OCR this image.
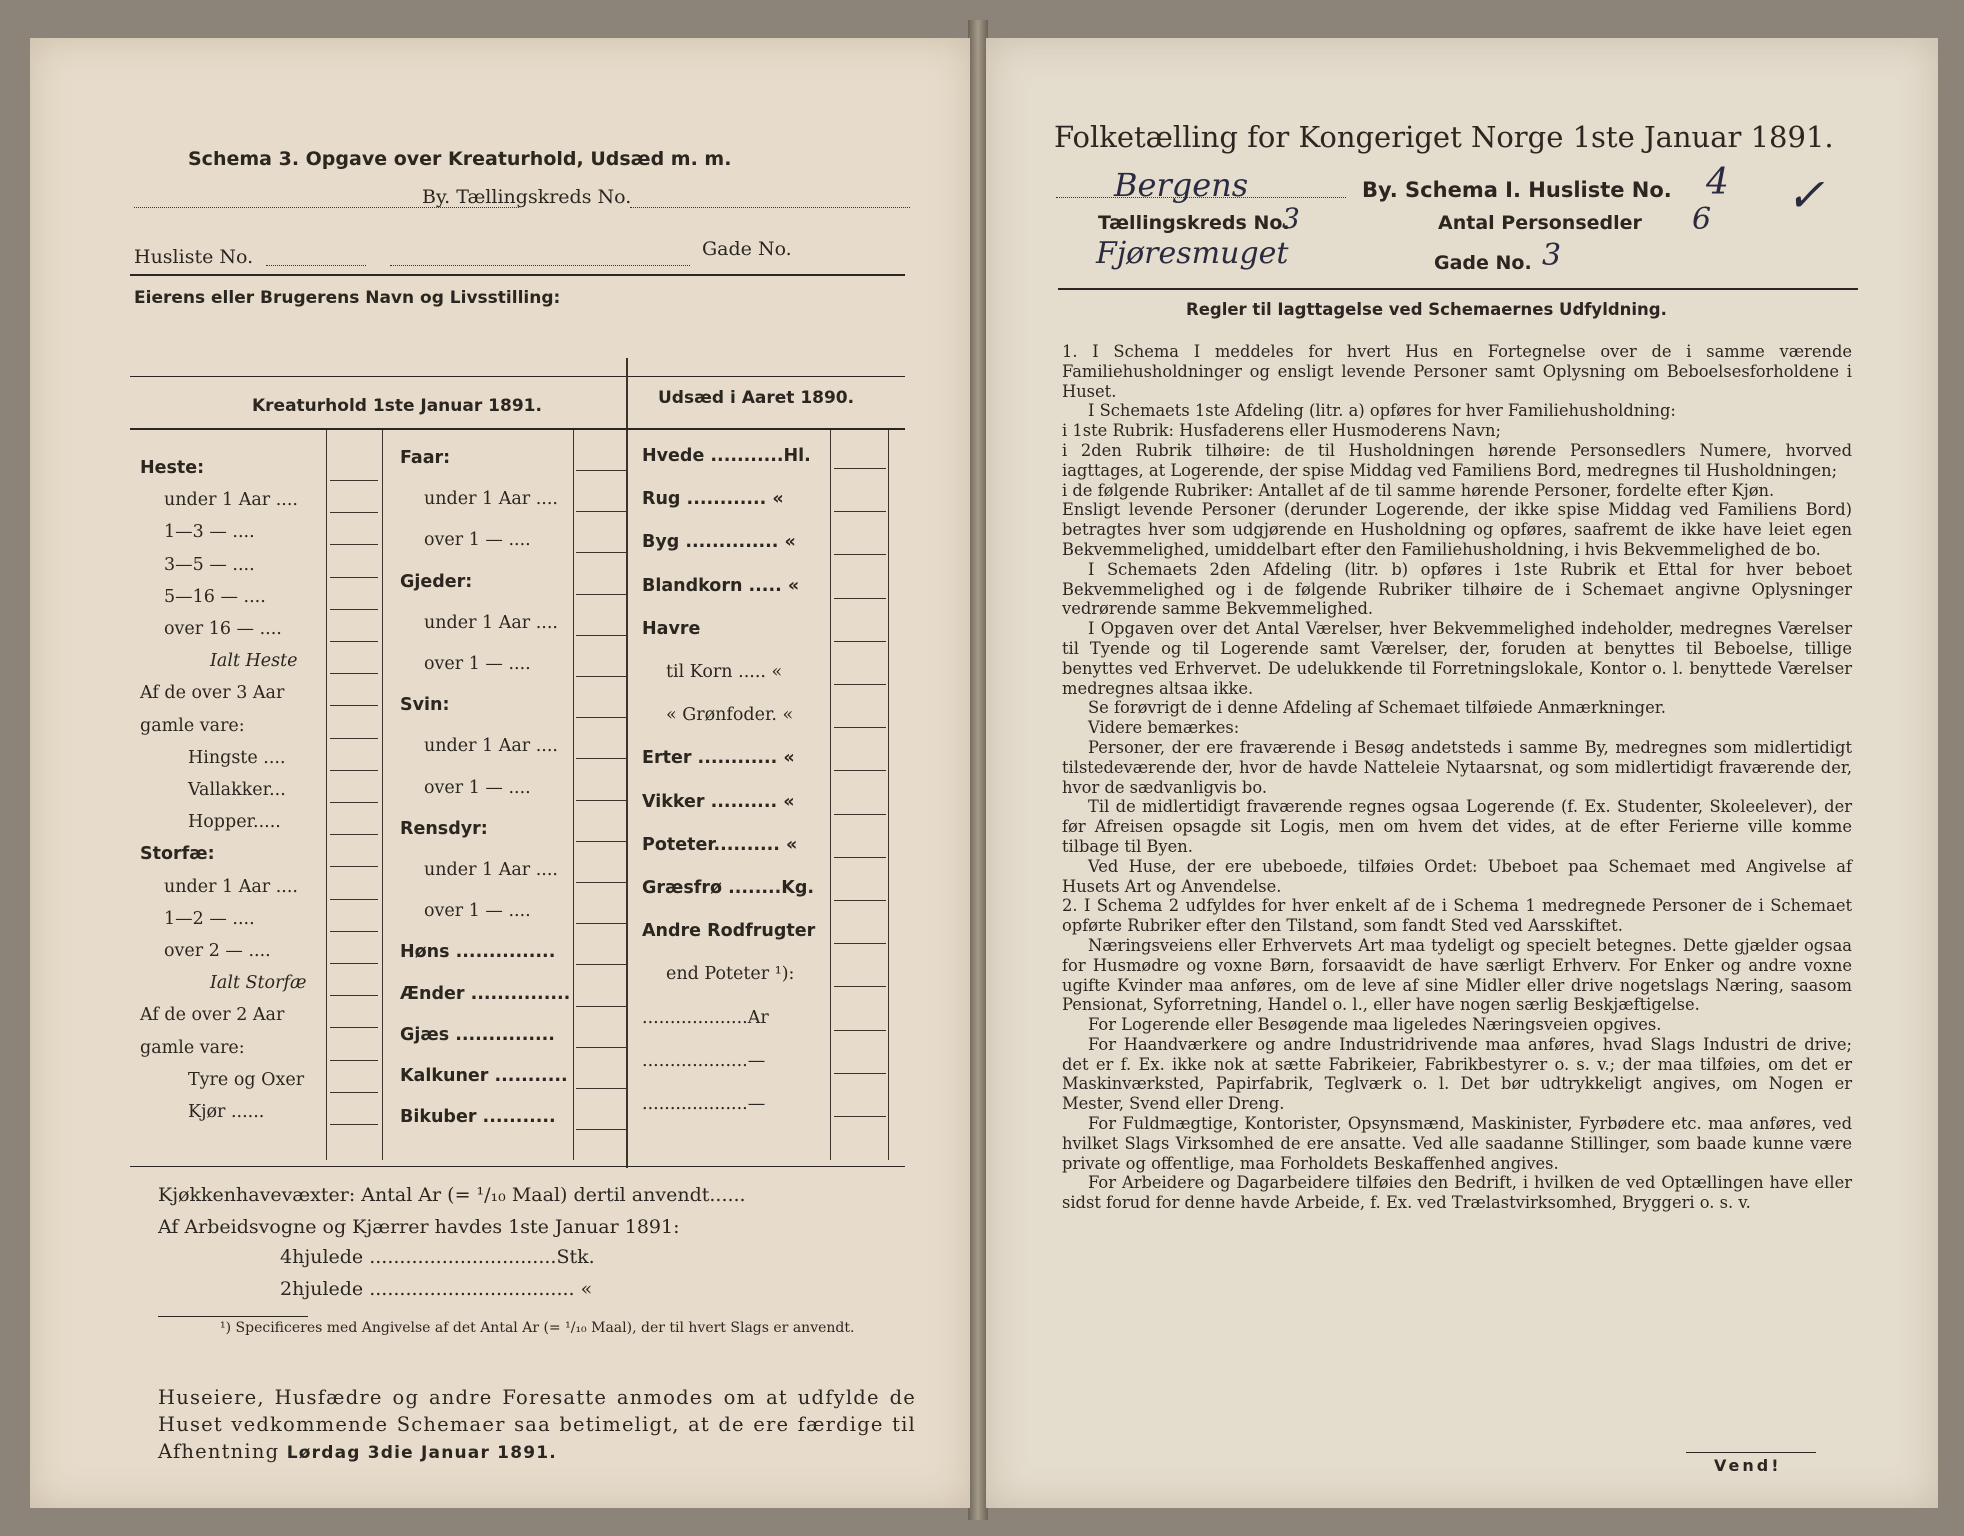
Schema 3. Opgave over Kreaturhold, Udsæd m. m.
By. Tællingskreds No.
Husliste No.	Gade No.
Eierens eller Brugerens Navn og Livsstilling:
Kreaturhold 1ste Januar 1891.	Udsæd i Aaret 1890.
Heste:
under 1 Aar ....
1—3 — ....
3—5 — ....
5—16 — ....
over 16 — ....
Ialt Heste
Af de over 3 Aar
gamle vare:
Hingste ....
Vallakker...
Hopper.....
Storfæ:
under 1 Aar ....
1—2 — ....
over 2 — ....
Ialt Storfæ
Af de over 2 Aar
gamle vare:
Tyre og Oxer
Kjør ......
Faar:
under 1 Aar ....
over 1 — ....
Gjeder:
under 1 Aar ....
over 1 — ....
Svin:
under 1 Aar ....
over 1 — ....
Rensdyr:
under 1 Aar ....
over 1 — ....
Høns ...............
Ænder ...............
Gjæs ...............
Kalkuner ...........
Bikuber ...........
Hvede ...........Hl.
Rug ............ «
Byg .............. «
Blandkorn ..... «
Havre
til Korn ..... «
« Grønfoder. «
Erter ............ «
Vikker .......... «
Poteter.......... «
Græsfrø ........Kg.
Andre Rodfrugter
end Poteter ¹):
...................Ar
...................—
...................—
Kjøkkenhavevæxter: Antal Ar (= ¹/₁₀ Maal) dertil anvendt......
Af Arbeidsvogne og Kjærrer havdes 1ste Januar 1891:
4hjulede ...............................Stk.
2hjulede .................................. «
¹) Specificeres med Angivelse af det Antal Ar (= ¹/₁₀ Maal), der til hvert Slags er anvendt.
Huseiere, Husfædre og andre Foresatte anmodes om at udfylde de Huset vedkommende Schemaer saa betimeligt, at de ere færdige til Afhentning Lørdag 3die Januar 1891.
Folketælling for Kongeriget Norge 1ste Januar 1891.
Bergens	By. Schema I. Husliste No. 4 ✓
Tællingskreds No.
3	Antal Personsedler 6
Fjøresmuget	Gade No. 3
Regler til Iagttagelse ved Schemaernes Udfyldning.

1. I Schema I meddeles for hvert Hus en Fortegnelse over de i samme værende Familiehusholdninger og ensligt levende Personer samt Oplysning om Beboelsesforholdene i Huset.

I Schemaets 1ste Afdeling (litr. a) opføres for hver Familiehusholdning:

i 1ste Rubrik: Husfaderens eller Husmoderens Navn;

i 2den Rubrik tilhøire: de til Husholdningen hørende Personsedlers Numere, hvorved iagttages, at Logerende, der spise Middag ved Familiens Bord, medregnes til Husholdningen;

i de følgende Rubriker: Antallet af de til samme hørende Personer, fordelte efter Kjøn.

Ensligt levende Personer (derunder Logerende, der ikke spise Middag ved Familiens Bord) betragtes hver som udgjørende en Husholdning og opføres, saafremt de ikke have leiet egen Bekvemmelighed, umiddelbart efter den Familiehusholdning, i hvis Bekvemmelighed de bo.

I Schemaets 2den Afdeling (litr. b) opføres i 1ste Rubrik et Ettal for hver beboet Bekvemmelighed og i de følgende Rubriker tilhøire de i Schemaet angivne Oplysninger vedrørende samme Bekvemmelighed.

I Opgaven over det Antal Værelser, hver Bekvemmelighed indeholder, medregnes Værelser til Tyende og til Logerende samt Værelser, der, foruden at benyttes til Beboelse, tillige benyttes ved Erhvervet. De udelukkende til Forretningslokale, Kontor o. l. benyttede Værelser medregnes altsaa ikke.

Se forøvrigt de i denne Afdeling af Schemaet tilføiede Anmærkninger.

Videre bemærkes:

Personer, der ere fraværende i Besøg andetsteds i samme By, medregnes som midlertidigt tilstedeværende der, hvor de havde Natteleie Nytaarsnat, og som midlertidigt fraværende der, hvor de sædvanligvis bo.

Til de midlertidigt fraværende regnes ogsaa Logerende (f. Ex. Studenter, Skoleelever), der før Afreisen opsagde sit Logis, men om hvem det vides, at de efter Ferierne ville komme tilbage til Byen.

Ved Huse, der ere ubeboede, tilføies Ordet: Ubeboet paa Schemaet med Angivelse af Husets Art og Anvendelse.

2. I Schema 2 udfyldes for hver enkelt af de i Schema 1 medregnede Personer de i Schemaet opførte Rubriker efter den Tilstand, som fandt Sted ved Aarsskiftet.

Næringsveiens eller Erhvervets Art maa tydeligt og specielt betegnes. Dette gjælder ogsaa for Husmødre og voxne Børn, forsaavidt de have særligt Erhverv. For Enker og andre voxne ugifte Kvinder maa anføres, om de leve af sine Midler eller drive nogetslags Næring, saasom Pensionat, Syforretning, Handel o. l., eller have nogen særlig Beskjæftigelse.

For Logerende eller Besøgende maa ligeledes Næringsveien opgives.

For Haandværkere og andre Industridrivende maa anføres, hvad Slags Industri de drive; det er f. Ex. ikke nok at sætte Fabrikeier, Fabrikbestyrer o. s. v.; der maa tilføies, om det er Maskinværksted, Papirfabrik, Teglværk o. l. Det bør udtrykkeligt angives, om Nogen er Mester, Svend eller Dreng.

For Fuldmægtige, Kontorister, Opsynsmænd, Maskinister, Fyrbødere etc. maa anføres, ved hvilket Slags Virksomhed de ere ansatte. Ved alle saadanne Stillinger, som baade kunne være private og offentlige, maa Forholdets Beskaffenhed angives.

For Arbeidere og Dagarbeidere tilføies den Bedrift, i hvilken de ved Optællingen have eller sidst forud for denne havde Arbeide, f. Ex. ved Trælastvirksomhed, Bryggeri o. s. v.

Vend!
